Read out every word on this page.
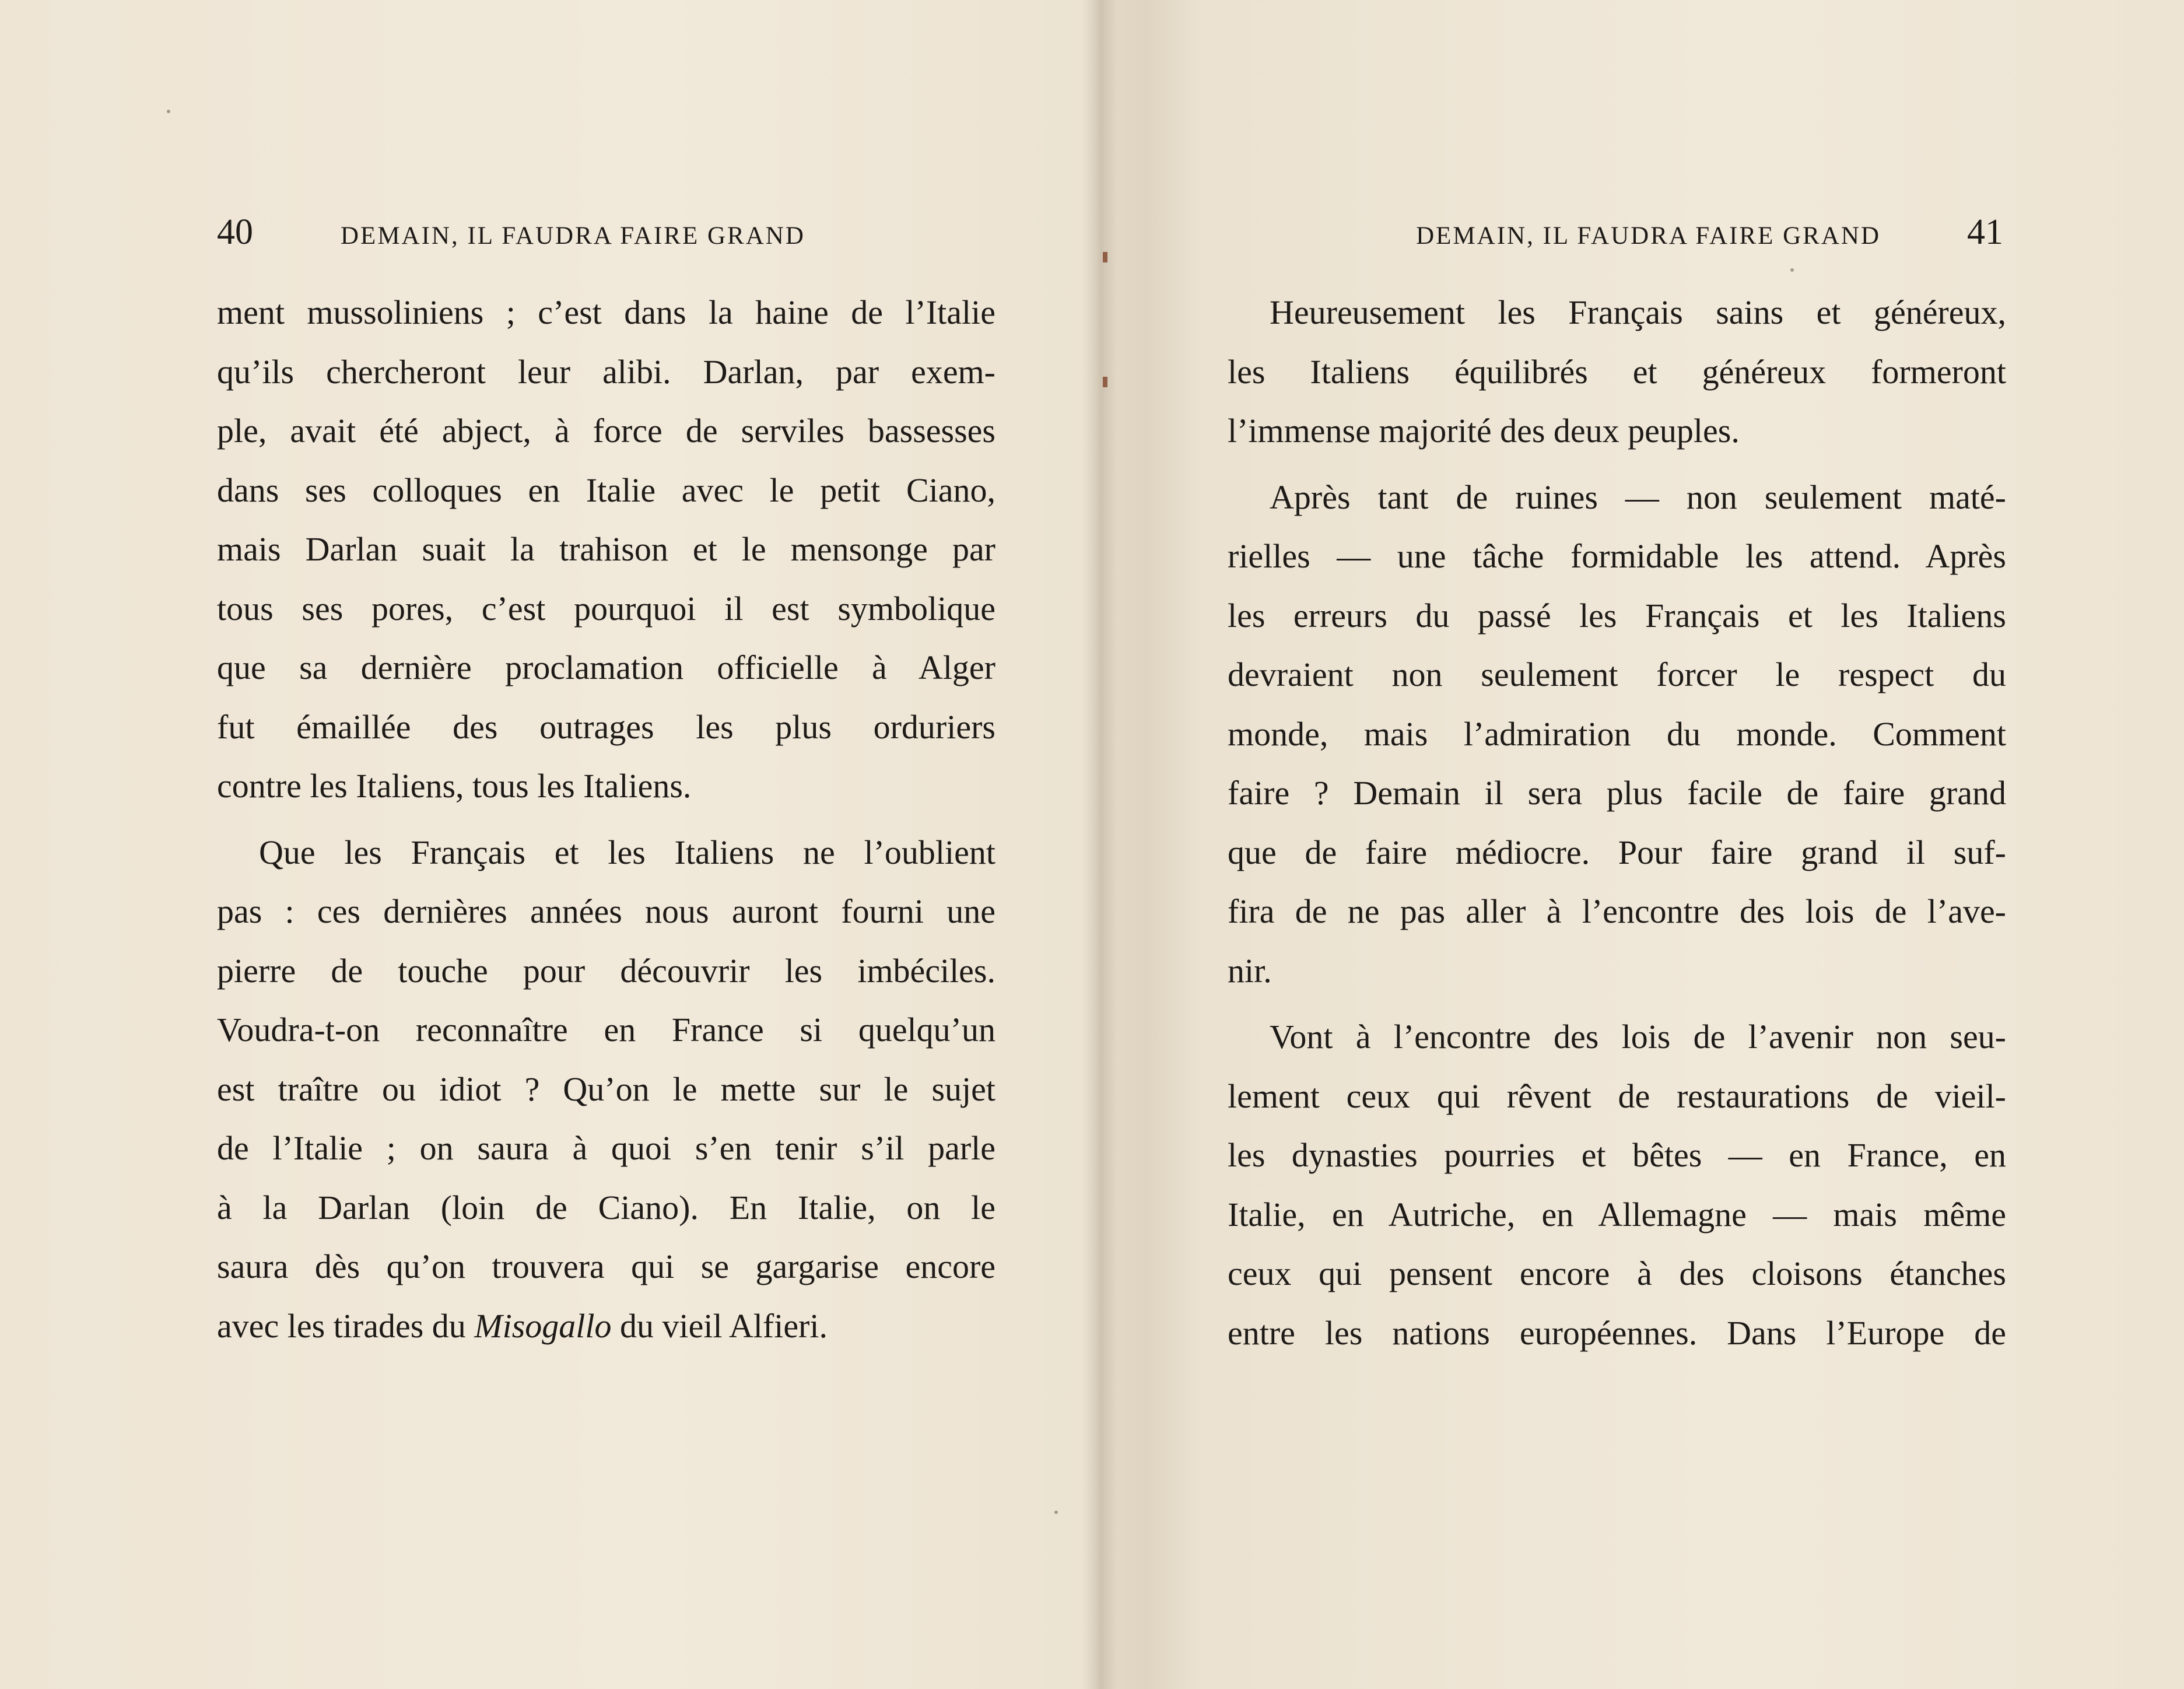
40	DEMAIN, IL FAUDRA FAIRE GRAND
ment mussoliniens ; c’est dans la haine de l’Italie
qu’ils chercheront leur alibi. Darlan, par exem-
ple, avait été abject, à force de serviles bassesses
dans ses colloques en Italie avec le petit Ciano,
mais Darlan suait la trahison et le mensonge par
tous ses pores, c’est pourquoi il est symbolique
que sa dernière proclamation officielle à Alger
fut émaillée des outrages les plus orduriers
contre les Italiens, tous les Italiens.
Que les Français et les Italiens ne l’oublient
pas : ces dernières années nous auront fourni une
pierre de touche pour découvrir les imbéciles.
Voudra-t-on reconnaître en France si quelqu’un
est traître ou idiot ? Qu’on le mette sur le sujet
de l’Italie ; on saura à quoi s’en tenir s’il parle
à la Darlan (loin de Ciano). En Italie, on le
saura dès qu’on trouvera qui se gargarise encore
avec les tirades du Misogallo du vieil Alfieri.
DEMAIN, IL FAUDRA FAIRE GRAND 41
Heureusement les Français sains et généreux,
les Italiens équilibrés et généreux formeront
l’immense majorité des deux peuples.
Après tant de ruines — non seulement maté-
rielles — une tâche formidable les attend. Après
les erreurs du passé les Français et les Italiens
devraient non seulement forcer le respect du
monde, mais l’admiration du monde. Comment
faire ? Demain il sera plus facile de faire grand
que de faire médiocre. Pour faire grand il suf-
fira de ne pas aller à l’encontre des lois de l’ave-
nir.
Vont à l’encontre des lois de l’avenir non seu-
lement ceux qui rêvent de restaurations de vieil-
les dynasties pourries et bêtes — en France, en
Italie, en Autriche, en Allemagne — mais même
ceux qui pensent encore à des cloisons étanches
entre les nations européennes. Dans l’Europe de
